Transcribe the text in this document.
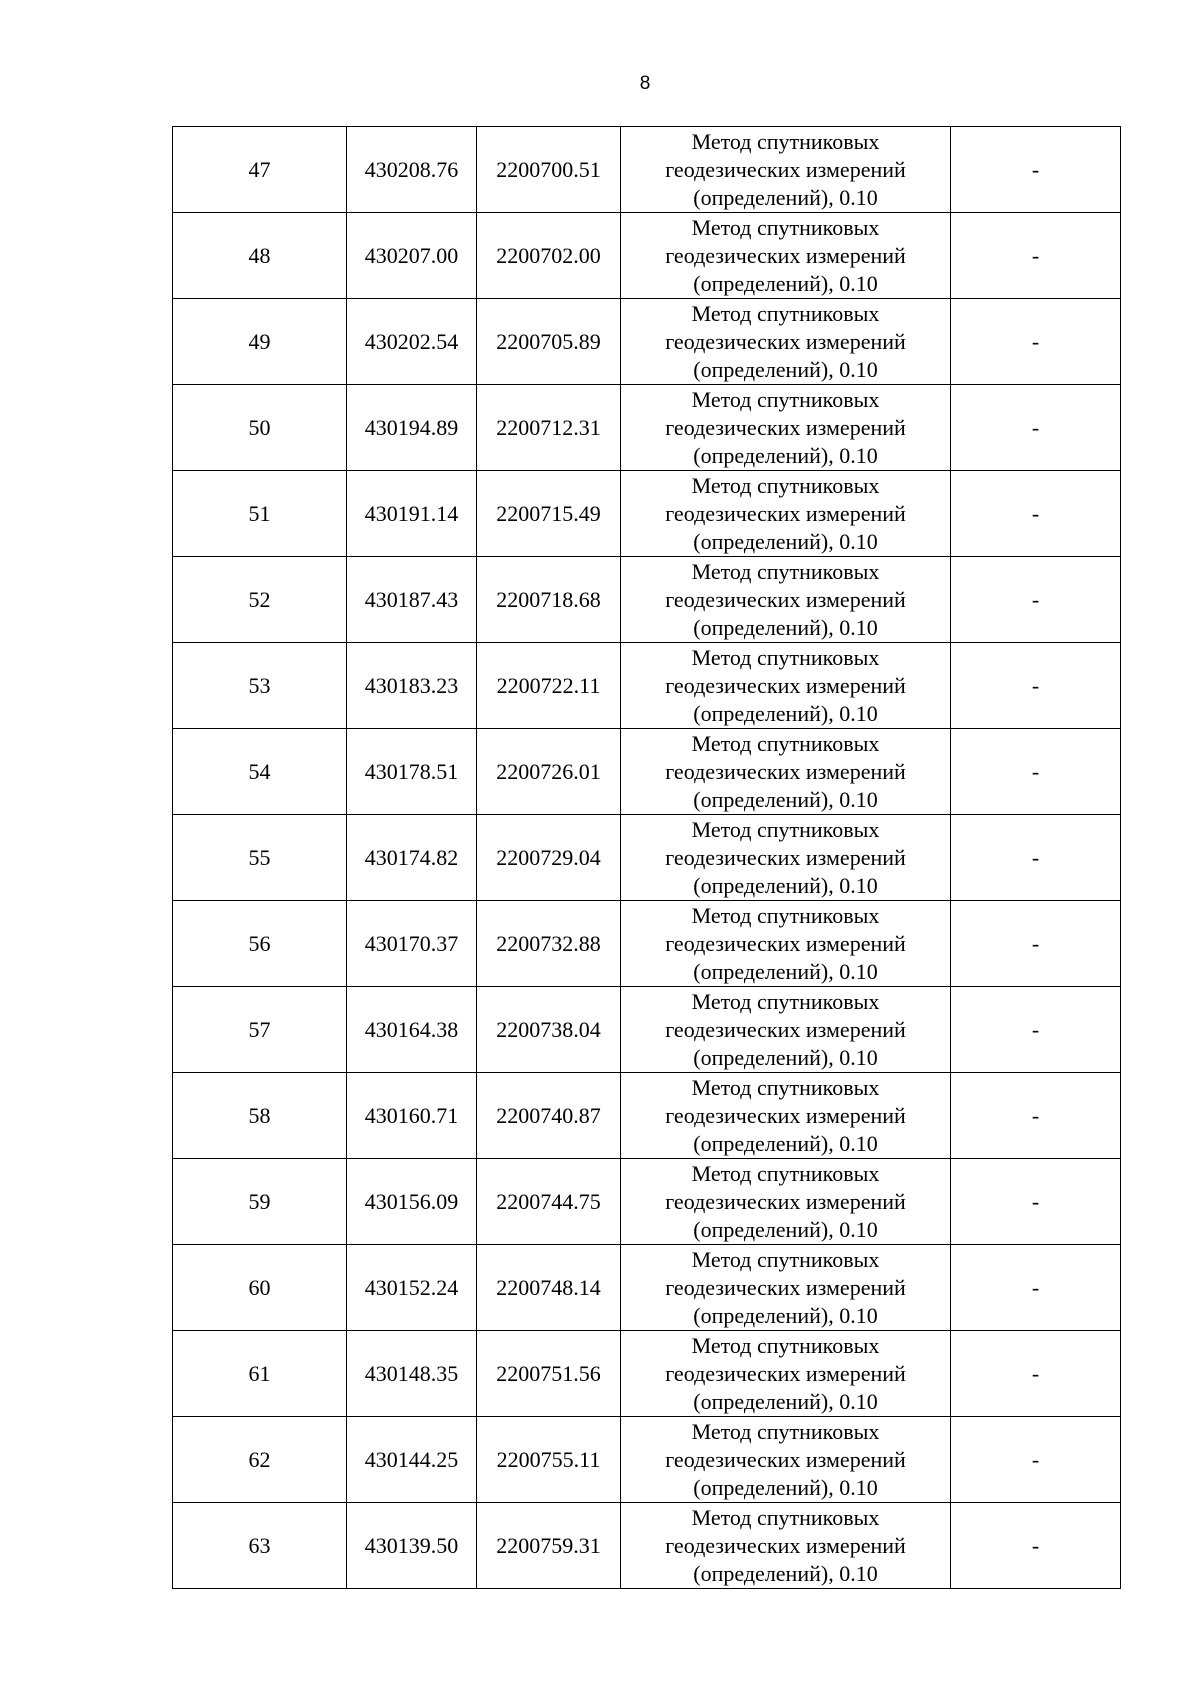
8
47	430208.76	2200700.51	Метод спутниковых геодезических измерений (определений), 0.10	-
48	430207.00	2200702.00	Метод спутниковых геодезических измерений (определений), 0.10	-
49	430202.54	2200705.89	Метод спутниковых геодезических измерений (определений), 0.10	-
50	430194.89	2200712.31	Метод спутниковых геодезических измерений (определений), 0.10	-
51	430191.14	2200715.49	Метод спутниковых геодезических измерений (определений), 0.10	-
52	430187.43	2200718.68	Метод спутниковых геодезических измерений (определений), 0.10	-
53	430183.23	2200722.11	Метод спутниковых геодезических измерений (определений), 0.10	-
54	430178.51	2200726.01	Метод спутниковых геодезических измерений (определений), 0.10	-
55	430174.82	2200729.04	Метод спутниковых геодезических измерений (определений), 0.10	-
56	430170.37	2200732.88	Метод спутниковых геодезических измерений (определений), 0.10	-
57	430164.38	2200738.04	Метод спутниковых геодезических измерений (определений), 0.10	-
58	430160.71	2200740.87	Метод спутниковых геодезических измерений (определений), 0.10	-
59	430156.09	2200744.75	Метод спутниковых геодезических измерений (определений), 0.10	-
60	430152.24	2200748.14	Метод спутниковых геодезических измерений (определений), 0.10	-
61	430148.35	2200751.56	Метод спутниковых геодезических измерений (определений), 0.10	-
62	430144.25	2200755.11	Метод спутниковых геодезических измерений (определений), 0.10	-
63	430139.50	2200759.31	Метод спутниковых геодезических измерений (определений), 0.10	-
